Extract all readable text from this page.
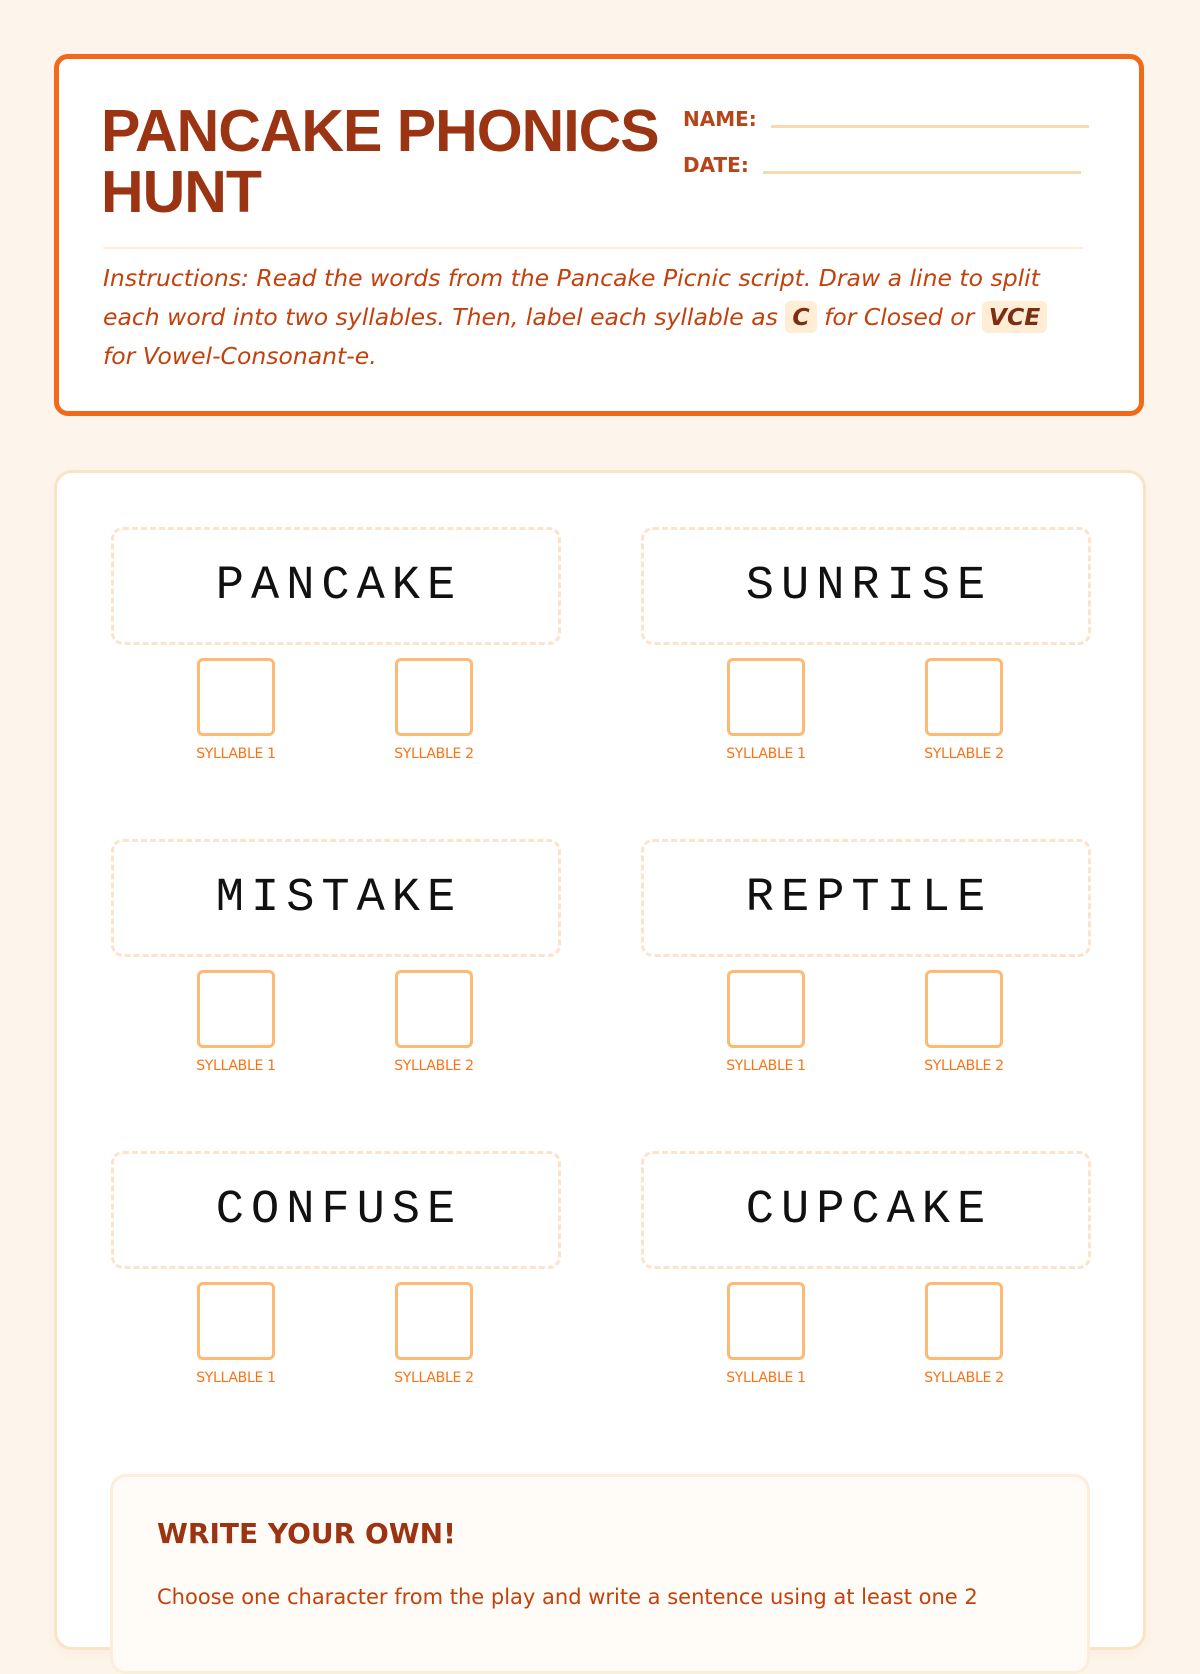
PANCAKE PHONICS HUNT
NAME:
DATE:

Instructions: Read the words from the Pancake Picnic script. Draw a line to split each word into two syllables. Then, label each syllable as C for Closed or VCE for Vowel-Consonant-e.

PANCAKE
SYLLABLE 1	SYLLABLE 2
SUNRISE
SYLLABLE 1	SYLLABLE 2
MISTAKE
SYLLABLE 1	SYLLABLE 2
REPTILE
SYLLABLE 1	SYLLABLE 2
CONFUSE
SYLLABLE 1	SYLLABLE 2
CUPCAKE
SYLLABLE 1	SYLLABLE 2
WRITE YOUR OWN!

Choose one character from the play and write a sentence using at least one 2
